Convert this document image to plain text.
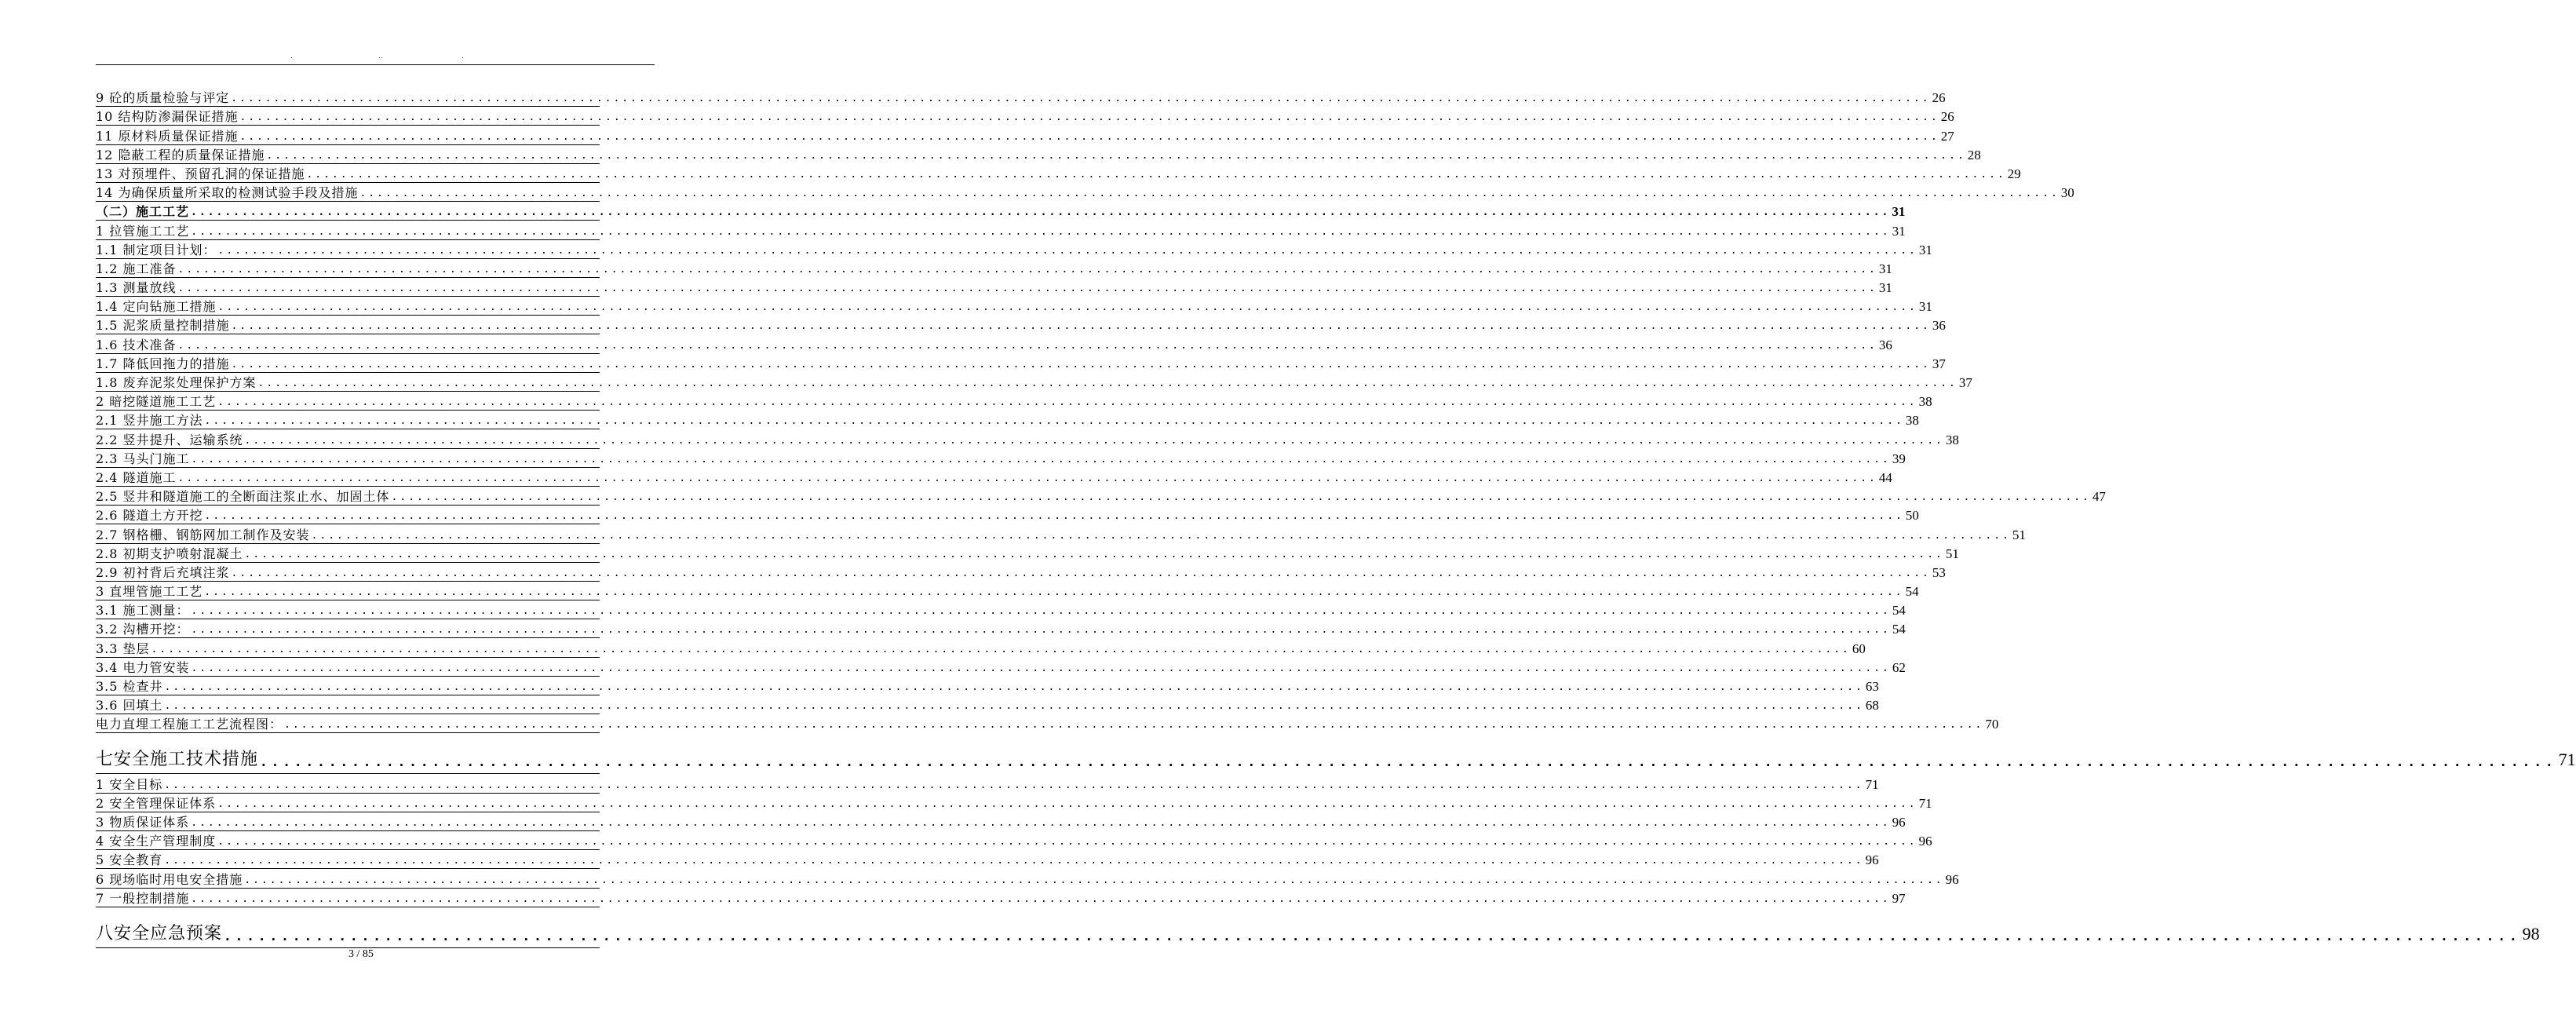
.	..	.
9 砼的质量检验与评定 ........................................................................................................................................................................................................ 26
10 结构防渗漏保证措施 ........................................................................................................................................................................................................ 26
11 原材料质量保证措施 ........................................................................................................................................................................................................ 27
12 隐蔽工程的质量保证措施 ........................................................................................................................................................................................................ 28
13 对预埋件、预留孔洞的保证措施 ........................................................................................................................................................................................................ 29
14 为确保质量所采取的检测试验手段及措施 ........................................................................................................................................................................................................ 30
（二）施工工艺 ........................................................................................................................................................................................................ 31
1 拉管施工工艺 ........................................................................................................................................................................................................ 31
1.1 制定项目计划： ........................................................................................................................................................................................................ 31
1.2 施工准备 ........................................................................................................................................................................................................ 31
1.3 测量放线 ........................................................................................................................................................................................................ 31
1.4 定向钻施工措施 ........................................................................................................................................................................................................ 31
1.5 泥浆质量控制措施 ........................................................................................................................................................................................................ 36
1.6 技术准备 ........................................................................................................................................................................................................ 36
1.7 降低回拖力的措施 ........................................................................................................................................................................................................ 37
1.8 废弃泥浆处理保护方案 ........................................................................................................................................................................................................ 37
2 暗挖隧道施工工艺 ........................................................................................................................................................................................................ 38
2.1 竖井施工方法 ........................................................................................................................................................................................................ 38
2.2 竖井提升、运输系统 ........................................................................................................................................................................................................ 38
2.3 马头门施工 ........................................................................................................................................................................................................ 39
2.4 隧道施工 ........................................................................................................................................................................................................ 44
2.5 竖井和隧道施工的全断面注浆止水、加固土体 ........................................................................................................................................................................................................ 47
2.6 隧道土方开挖 ........................................................................................................................................................................................................ 50
2.7 钢格栅、钢筋网加工制作及安装 ........................................................................................................................................................................................................ 51
2.8 初期支护喷射混凝土 ........................................................................................................................................................................................................ 51
2.9 初衬背后充填注浆 ........................................................................................................................................................................................................ 53
3 直埋管施工工艺 ........................................................................................................................................................................................................ 54
3.1 施工测量： ........................................................................................................................................................................................................ 54
3.2 沟槽开挖： ........................................................................................................................................................................................................ 54
3.3 垫层 ........................................................................................................................................................................................................ 60
3.4 电力管安装 ........................................................................................................................................................................................................ 62
3.5 检查井 ........................................................................................................................................................................................................ 63
3.6 回填土 ........................................................................................................................................................................................................ 68
电力直埋工程施工工艺流程图： ........................................................................................................................................................................................................ 70
七安全施工技术措施 ........................................................................................................................................................................................................ 71
1 安全目标 ........................................................................................................................................................................................................ 71
2 安全管理保证体系 ........................................................................................................................................................................................................ 71
3 物质保证体系 ........................................................................................................................................................................................................ 96
4 安全生产管理制度 ........................................................................................................................................................................................................ 96
5 安全教育 ........................................................................................................................................................................................................ 96
6 现场临时用电安全措施 ........................................................................................................................................................................................................ 96
7 一般控制措施 ........................................................................................................................................................................................................ 97
八安全应急预案 ........................................................................................................................................................................................................ 98
3 / 85
